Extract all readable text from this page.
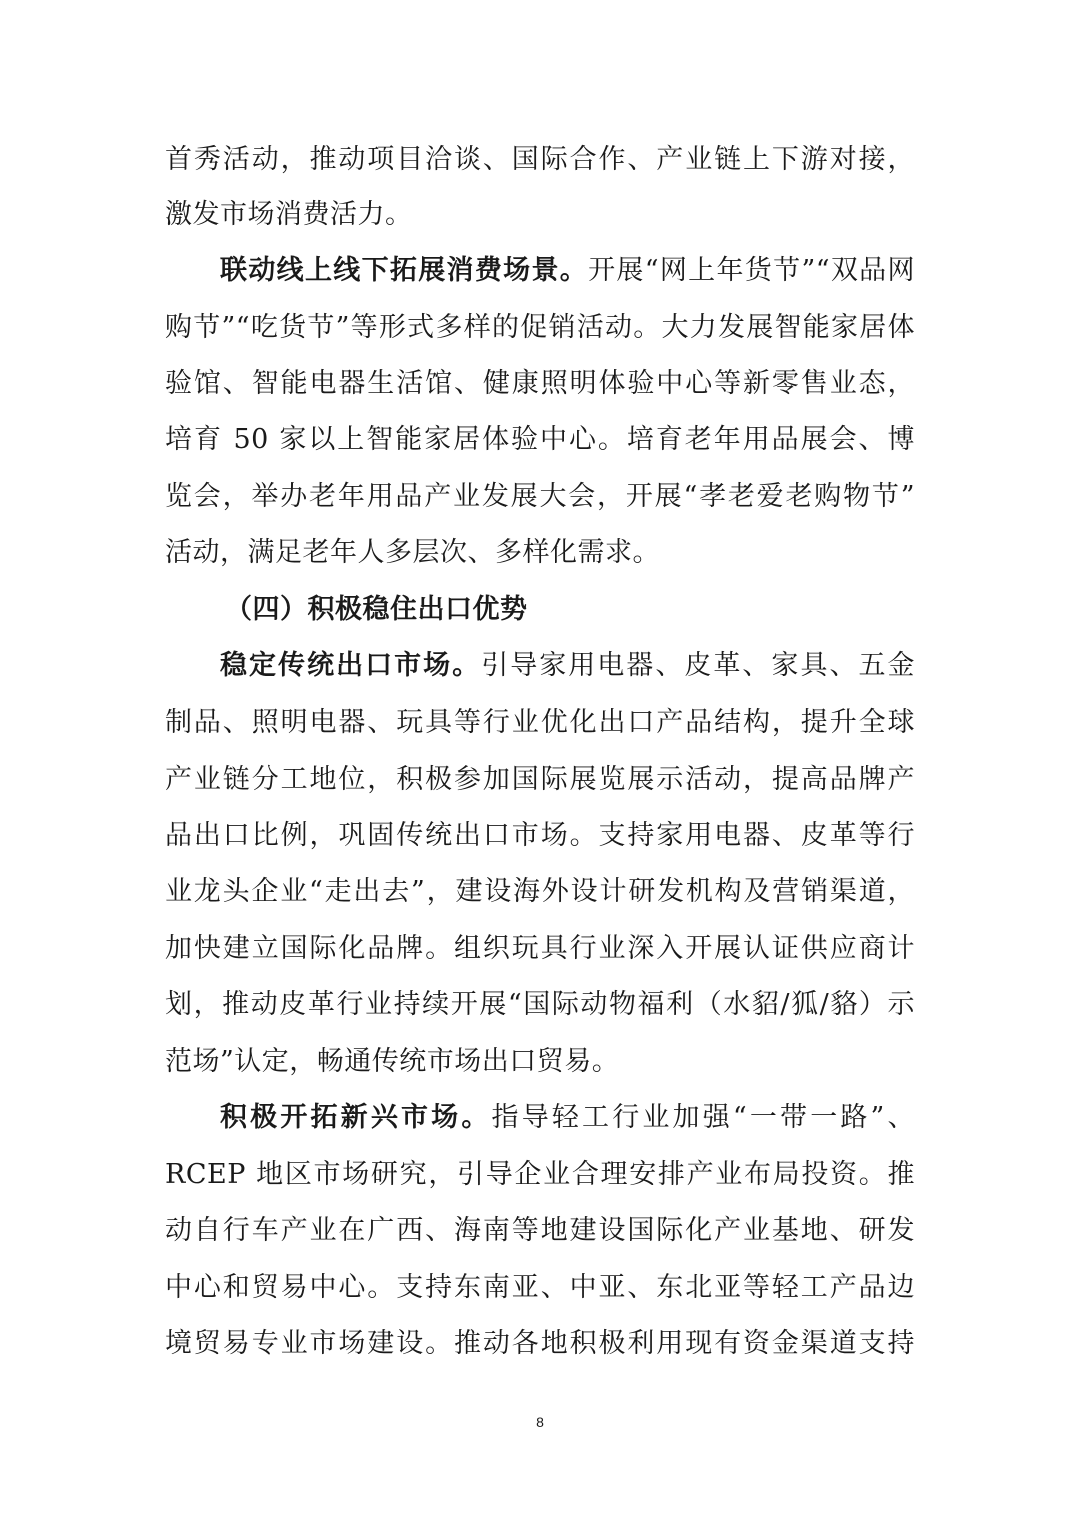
首秀活动，推动项目洽谈、国际合作、产业链上下游对接，
激发市场消费活力。
联动线上线下拓展消费场景。开展“网上年货节”“双品网
购节”“吃货节”等形式多样的促销活动。大力发展智能家居体
验馆、智能电器生活馆、健康照明体验中心等新零售业态，
培育 50 家以上智能家居体验中心。培育老年用品展会、博
览会，举办老年用品产业发展大会，开展“孝老爱老购物节”
活动，满足老年人多层次、多样化需求。
（四）积极稳住出口优势
稳定传统出口市场。引导家用电器、皮革、家具、五金
制品、照明电器、玩具等行业优化出口产品结构，提升全球
产业链分工地位，积极参加国际展览展示活动，提高品牌产
品出口比例，巩固传统出口市场。支持家用电器、皮革等行
业龙头企业“走出去”，建设海外设计研发机构及营销渠道，
加快建立国际化品牌。组织玩具行业深入开展认证供应商计
划，推动皮革行业持续开展“国际动物福利（水貂/狐/貉）示
范场”认定，畅通传统市场出口贸易。
积极开拓新兴市场。指导轻工行业加强“一带一路”、
RCEP 地区市场研究，引导企业合理安排产业布局投资。推
动自行车产业在广西、海南等地建设国际化产业基地、研发
中心和贸易中心。支持东南亚、中亚、东北亚等轻工产品边
境贸易专业市场建设。推动各地积极利用现有资金渠道支持
8
